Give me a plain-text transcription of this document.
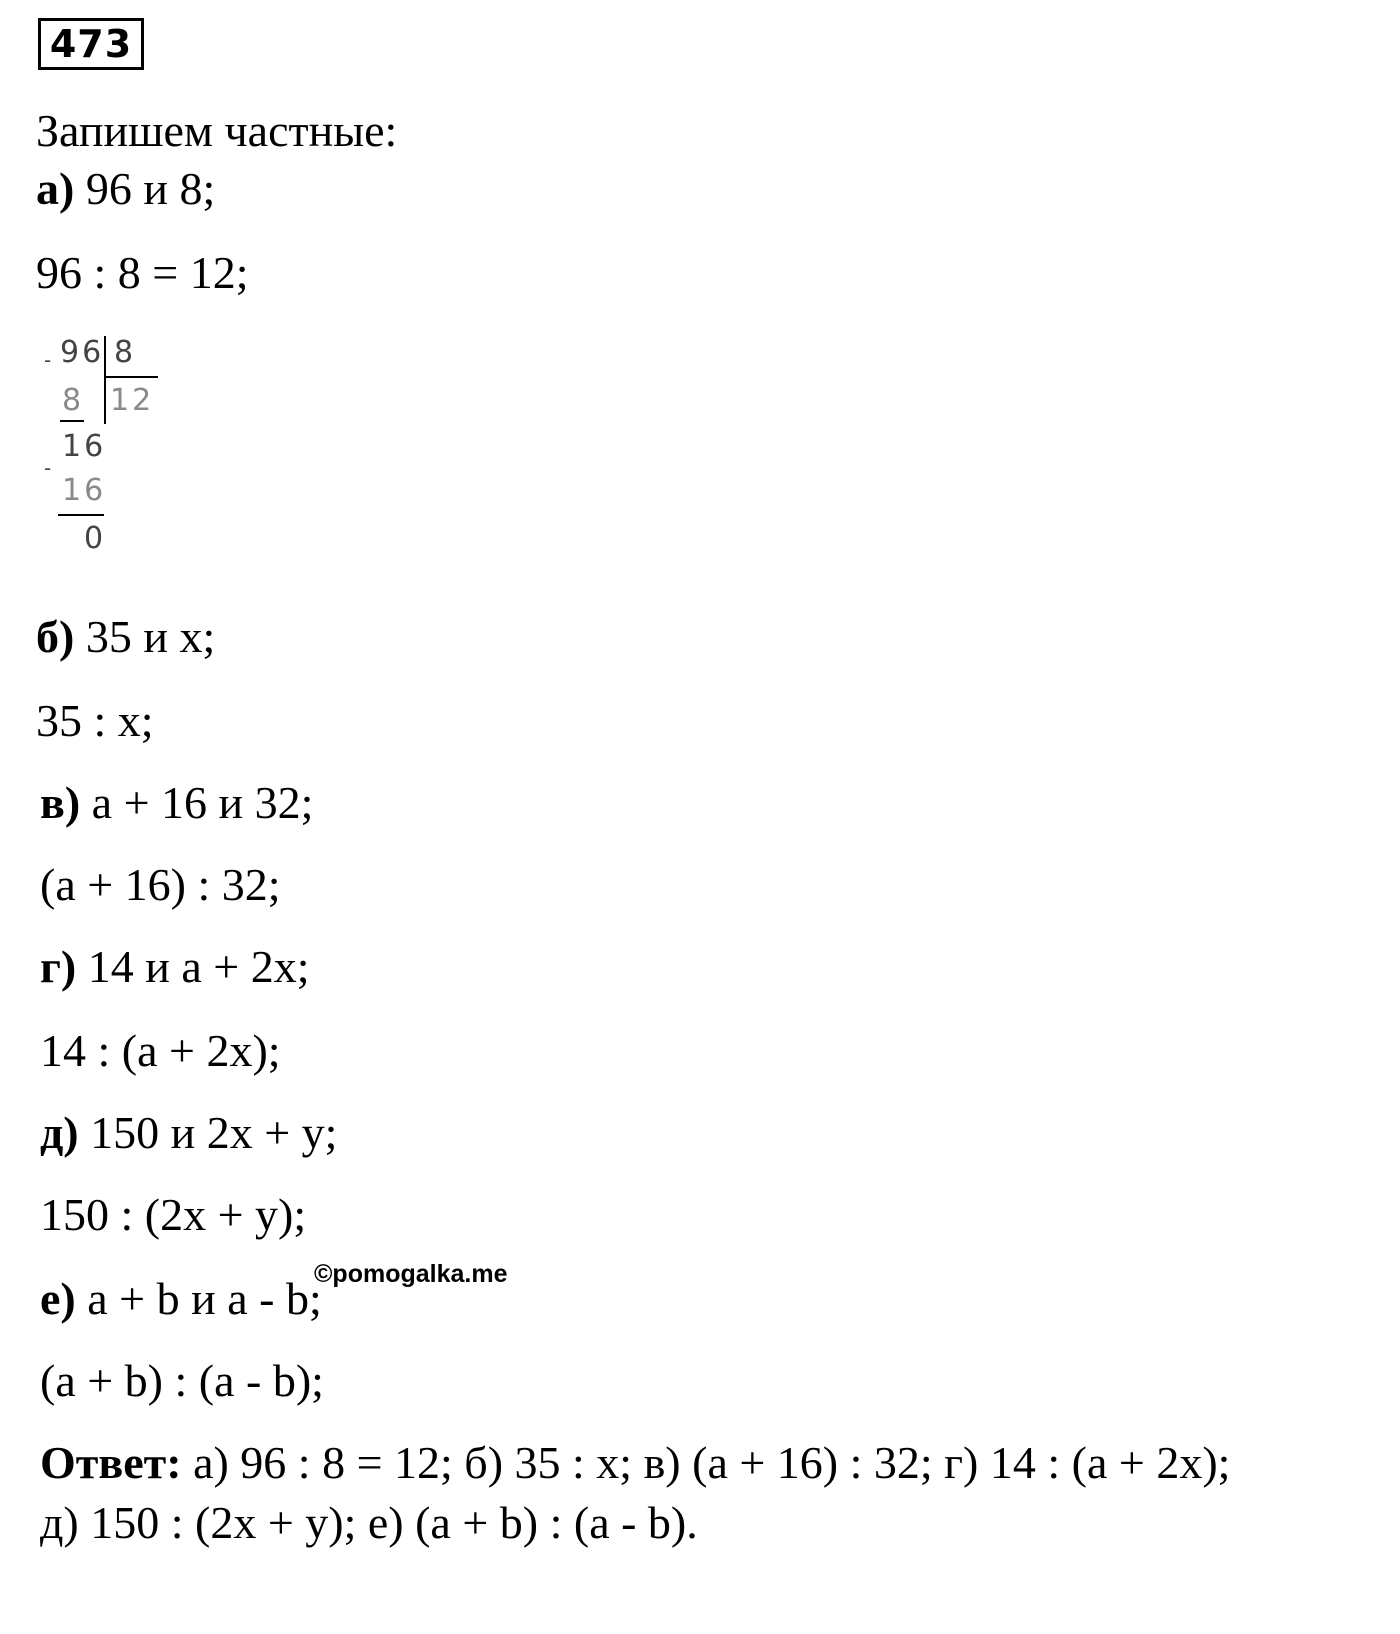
473
Запишем частные:
а) 96 и 8;
96 : 8 = 12;
- 96 8
8 12
16
-
16
0
б) 35 и x;
35 : x;
в) a + 16 и 32;
(a + 16) : 32;
г) 14 и a + 2x;
14 : (a + 2x);
д) 150 и 2x + y;
150 : (2x + y);
©pomogalka.me
е) a + b и a - b;
(a + b) : (a - b);
Ответ: а) 96 : 8 = 12; б) 35 : x; в) (a + 16) : 32; г) 14 : (a + 2x);
д) 150 : (2x + y); е) (a + b) : (a - b).
